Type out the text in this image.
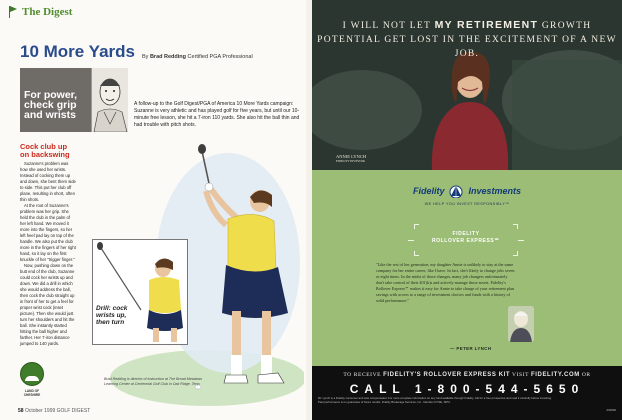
The Digest
10 More Yards By Brad Redding Certified PGA Professional
For power,
check grip
and wrists

A follow-up to the Golf Digest/PGA of America 10 More Yards campaign: Suzanne is very athletic and has played golf for five years, but until our 10-minute free lesson, she hit a 7-iron 110 yards. She also hit the ball thin and had trouble with pitch shots.

Cock club up
on backswing

Suzanne's problem was how she used her wrists. Instead of cocking them up and down, she bent them side to side. This put her club off plane, resulting in short, often thin shots.

At the root of Suzanne's problem was her grip. She held the club in the palm of her left hand. We moved it more into the fingers, so her left heel pad lay on top of the handle. We also put the club more in the fingers of her right hand, so it lay on the first knuckle of her "trigger finger."

Now, pushing down on the butt end of the club, Suzanne could cock her wrists up and down. We did a drill in which she would address the ball, then cock the club straight up in front of her to get a feel for proper wrist cock (inset picture). Then she would just turn her shoulders and hit the ball. She instantly started hitting the ball higher and farther. Her 7-iron distance jumped to 140 yards.

Drill: cock
wrists up,
then turn
LAND OF
CHESHIRE

Brad Redding is director of instruction at The Broad Meadows Learning Center at Centennial Golf Club in Oak Ridge, Tenn.

58 October 1999 GOLF DIGEST
I WILL NOT LET MY RETIREMENT GROWTH
POTENTIAL GET LOST IN THE EXCITEMENT OF A NEW JOB.
ANNIE LYNCH
FIDELITY INVESTOR
Fidelity	Investments
WE HELP YOU INVEST RESPONSIBLY™
FIDELITY
ROLLOVER EXPRESS℠

"Like the rest of her generation, my daughter Annie is unlikely to stay at the same company for her entire career, like I have. In fact, she's likely to change jobs seven or eight times. In the midst of those changes, many job changers unfortunately don't take control of their 401(k)s and actively manage those assets. Fidelity's Rollover Express℠ makes it easy for Annie to take charge of your retirement plan savings with access to a range of investment choices and funds with a history of solid performance."

— PETER LYNCH
TO RECEIVE FIDELITY'S ROLLOVER EXPRESS KIT VISIT FIDELITY.COM OR
CALL 1-800-544-5650
Mr. Lynch is a Fidelity consumer and was compensated. For more complete information on any fund available through Fidelity, call for a free prospectus and read it carefully before investing. Past performance is no guarantee of future results. Fidelity Brokerage Services, Inc., Member NYSE, SIPC.
000000
